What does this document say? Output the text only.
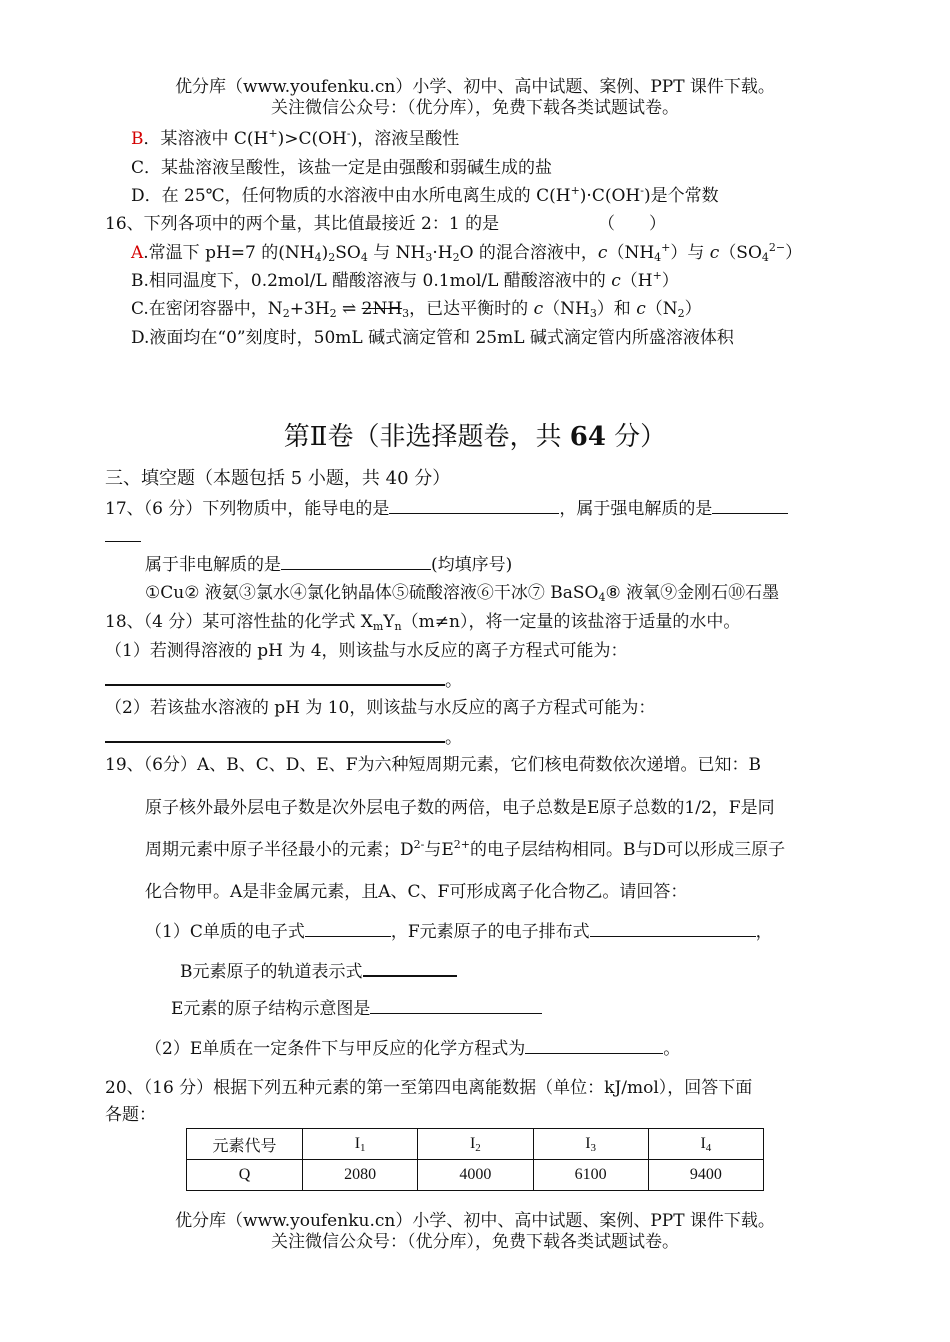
优分库（www.youfenku.cn）小学、初中、高中试题、案例、PPT 课件下载。
关注微信公众号：（优分库），免费下载各类试题试卷。
B．某溶液中 C(H+)>C(OH-)，溶液呈酸性
C．某盐溶液呈酸性，该盐一定是由强酸和弱碱生成的盐
D．在 25℃，任何物质的水溶液中由水所电离生成的 C(H+)·C(OH-)是个常数
16、下列各项中的两个量，其比值最接近 2：1 的是	（　　）
A.常温下 pH=7 的(NH4)2SO4 与 NH3·H2O 的混合溶液中，c（NH4+）与 $c(SO4^{2-})$
B.相同温度下，0.2mol/L 醋酸溶液与 0.1mol/L 醋酸溶液中的 c（H+）
C.在密闭容器中，N2+3H2 ⇌ 2NH3，已达平衡时的 c（NH3）和 c（N2）
D.液面均在“0”刻度时，50mL 碱式滴定管和 25mL 碱式滴定管内所盛溶液体积
第Ⅱ卷（非选择题卷，共 64 分）
三、填空题（本题包括 5 小题，共 40 分）
17、（6 分）下列物质中，能导电的是	，属于强电解质的是
属于非电解质的是	(均填序号)
①Cu② 液氨③氯水④氯化钠晶体⑤硫酸溶液⑥干冰⑦ BaSO4⑧ 液氧⑨金刚石⑩石墨
18、（4 分）某可溶性盐的化学式 XmYn（m≠n），将一定量的该盐溶于适量的水中。
（1）若测得溶液的 pH 为 4，则该盐与水反应的离子方程式可能为：
。
（2）若该盐水溶液的 pH 为 10，则该盐与水反应的离子方程式可能为：
。
19、（6分）A、B、C、D、E、F为六种短周期元素，它们核电荷数依次递增。已知：B
原子核外最外层电子数是次外层电子数的两倍，电子总数是E原子总数的1/2，F是同
周期元素中原子半径最小的元素；$D^{2-}$与$E^{2+}$的电子层结构相同。B与D可以形成三原子
化合物甲。A是非金属元素，且A、C、F可形成离子化合物乙。请回答：
（1）C单质的电子式	，F元素原子的电子排布式	，
B元素原子的轨道表示式
E元素的原子结构示意图是
（2）E单质在一定条件下与甲反应的化学方程式为	。
20、（16 分）根据下列五种元素的第一至第四电离能数据（单位：kJ/mol），回答下面
各题：
元素代号	I1	I2	I3	I4
Q	2080	4000	6100	9400
优分库（www.youfenku.cn）小学、初中、高中试题、案例、PPT 课件下载。
关注微信公众号：（优分库），免费下载各类试题试卷。
